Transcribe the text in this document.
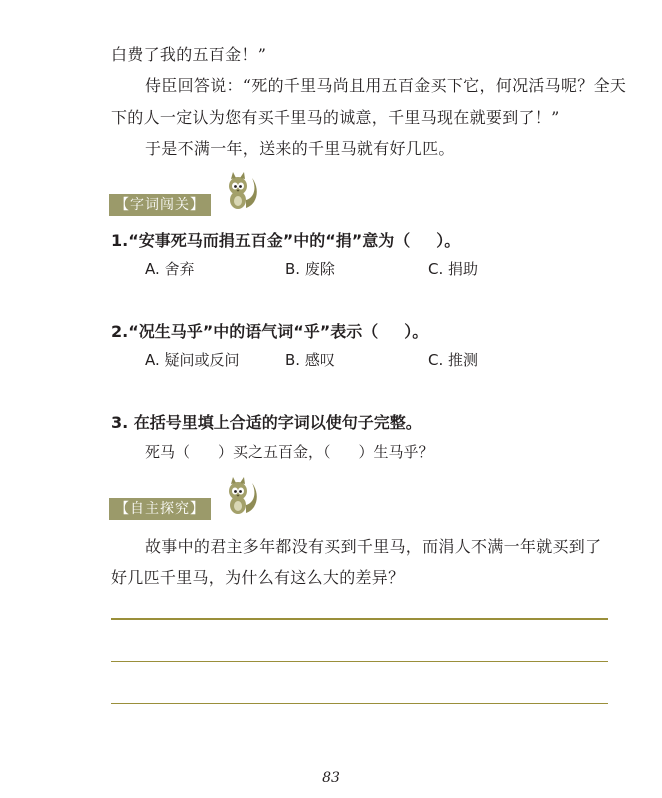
白费了我的五百金！”
侍臣回答说：“死的千里马尚且用五百金买下它，何况活马呢？全天
下的人一定认为您有买千里马的诚意，千里马现在就要到了！”
于是不满一年，送来的千里马就有好几匹。
【字词闯关】
1.“安事死马而捐五百金”中的“捐”意为（ ）。
A. 舍弃	B. 废除	C. 捐助
2.“况生马乎”中的语气词“乎”表示（ ）。
A. 疑问或反问	B. 感叹	C. 推测
3. 在括号里填上合适的字词以使句子完整。
死马（ ）买之五百金，（ ）生马乎？
【自主探究】
故事中的君主多年都没有买到千里马，而涓人不满一年就买到了
好几匹千里马，为什么有这么大的差异？
83
